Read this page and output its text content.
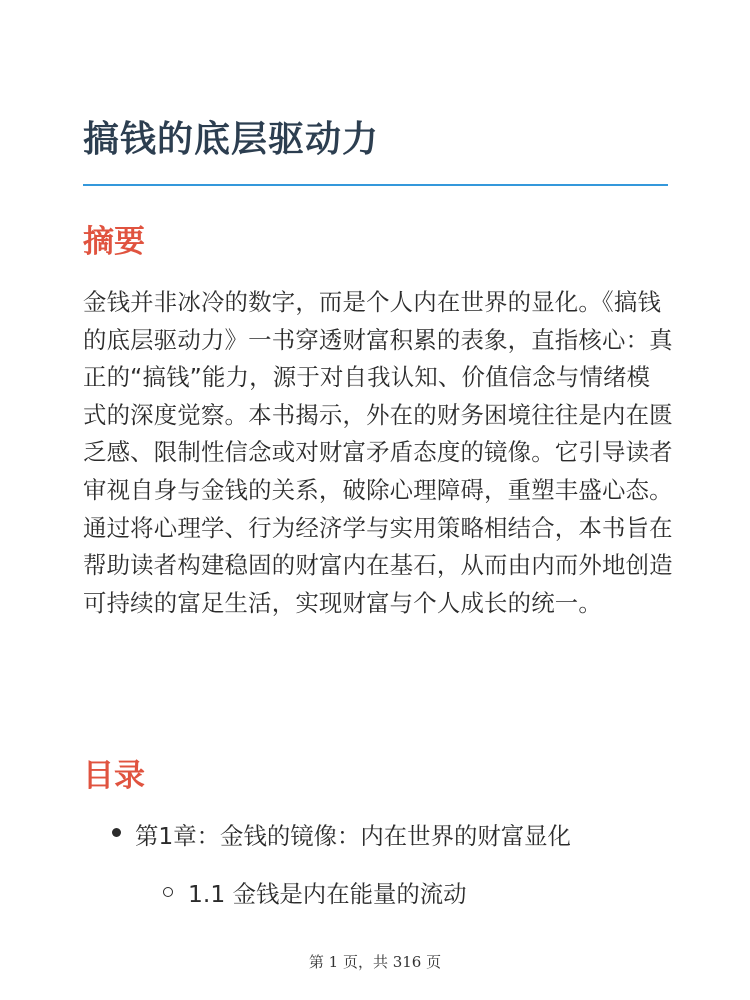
搞钱的底层驱动力
摘要

金钱并非冰冷的数字，而是个人内在世界的显化。《搞钱的底层驱动力》一书穿透财富积累的表象，直指核心：真正的“搞钱”能力，源于对自我认知、价值信念与情绪模式的深度觉察。本书揭示，外在的财务困境往往是内在匮乏感、限制性信念或对财富矛盾态度的镜像。它引导读者审视自身与金钱的关系，破除心理障碍，重塑丰盛心态。通过将心理学、行为经济学与实用策略相结合，本书旨在帮助读者构建稳固的财富内在基石，从而由内而外地创造可持续的富足生活，实现财富与个人成长的统一。

目录
第1章：金钱的镜像：内在世界的财富显化
1.1 金钱是内在能量的流动
第 1 页，共 316 页
